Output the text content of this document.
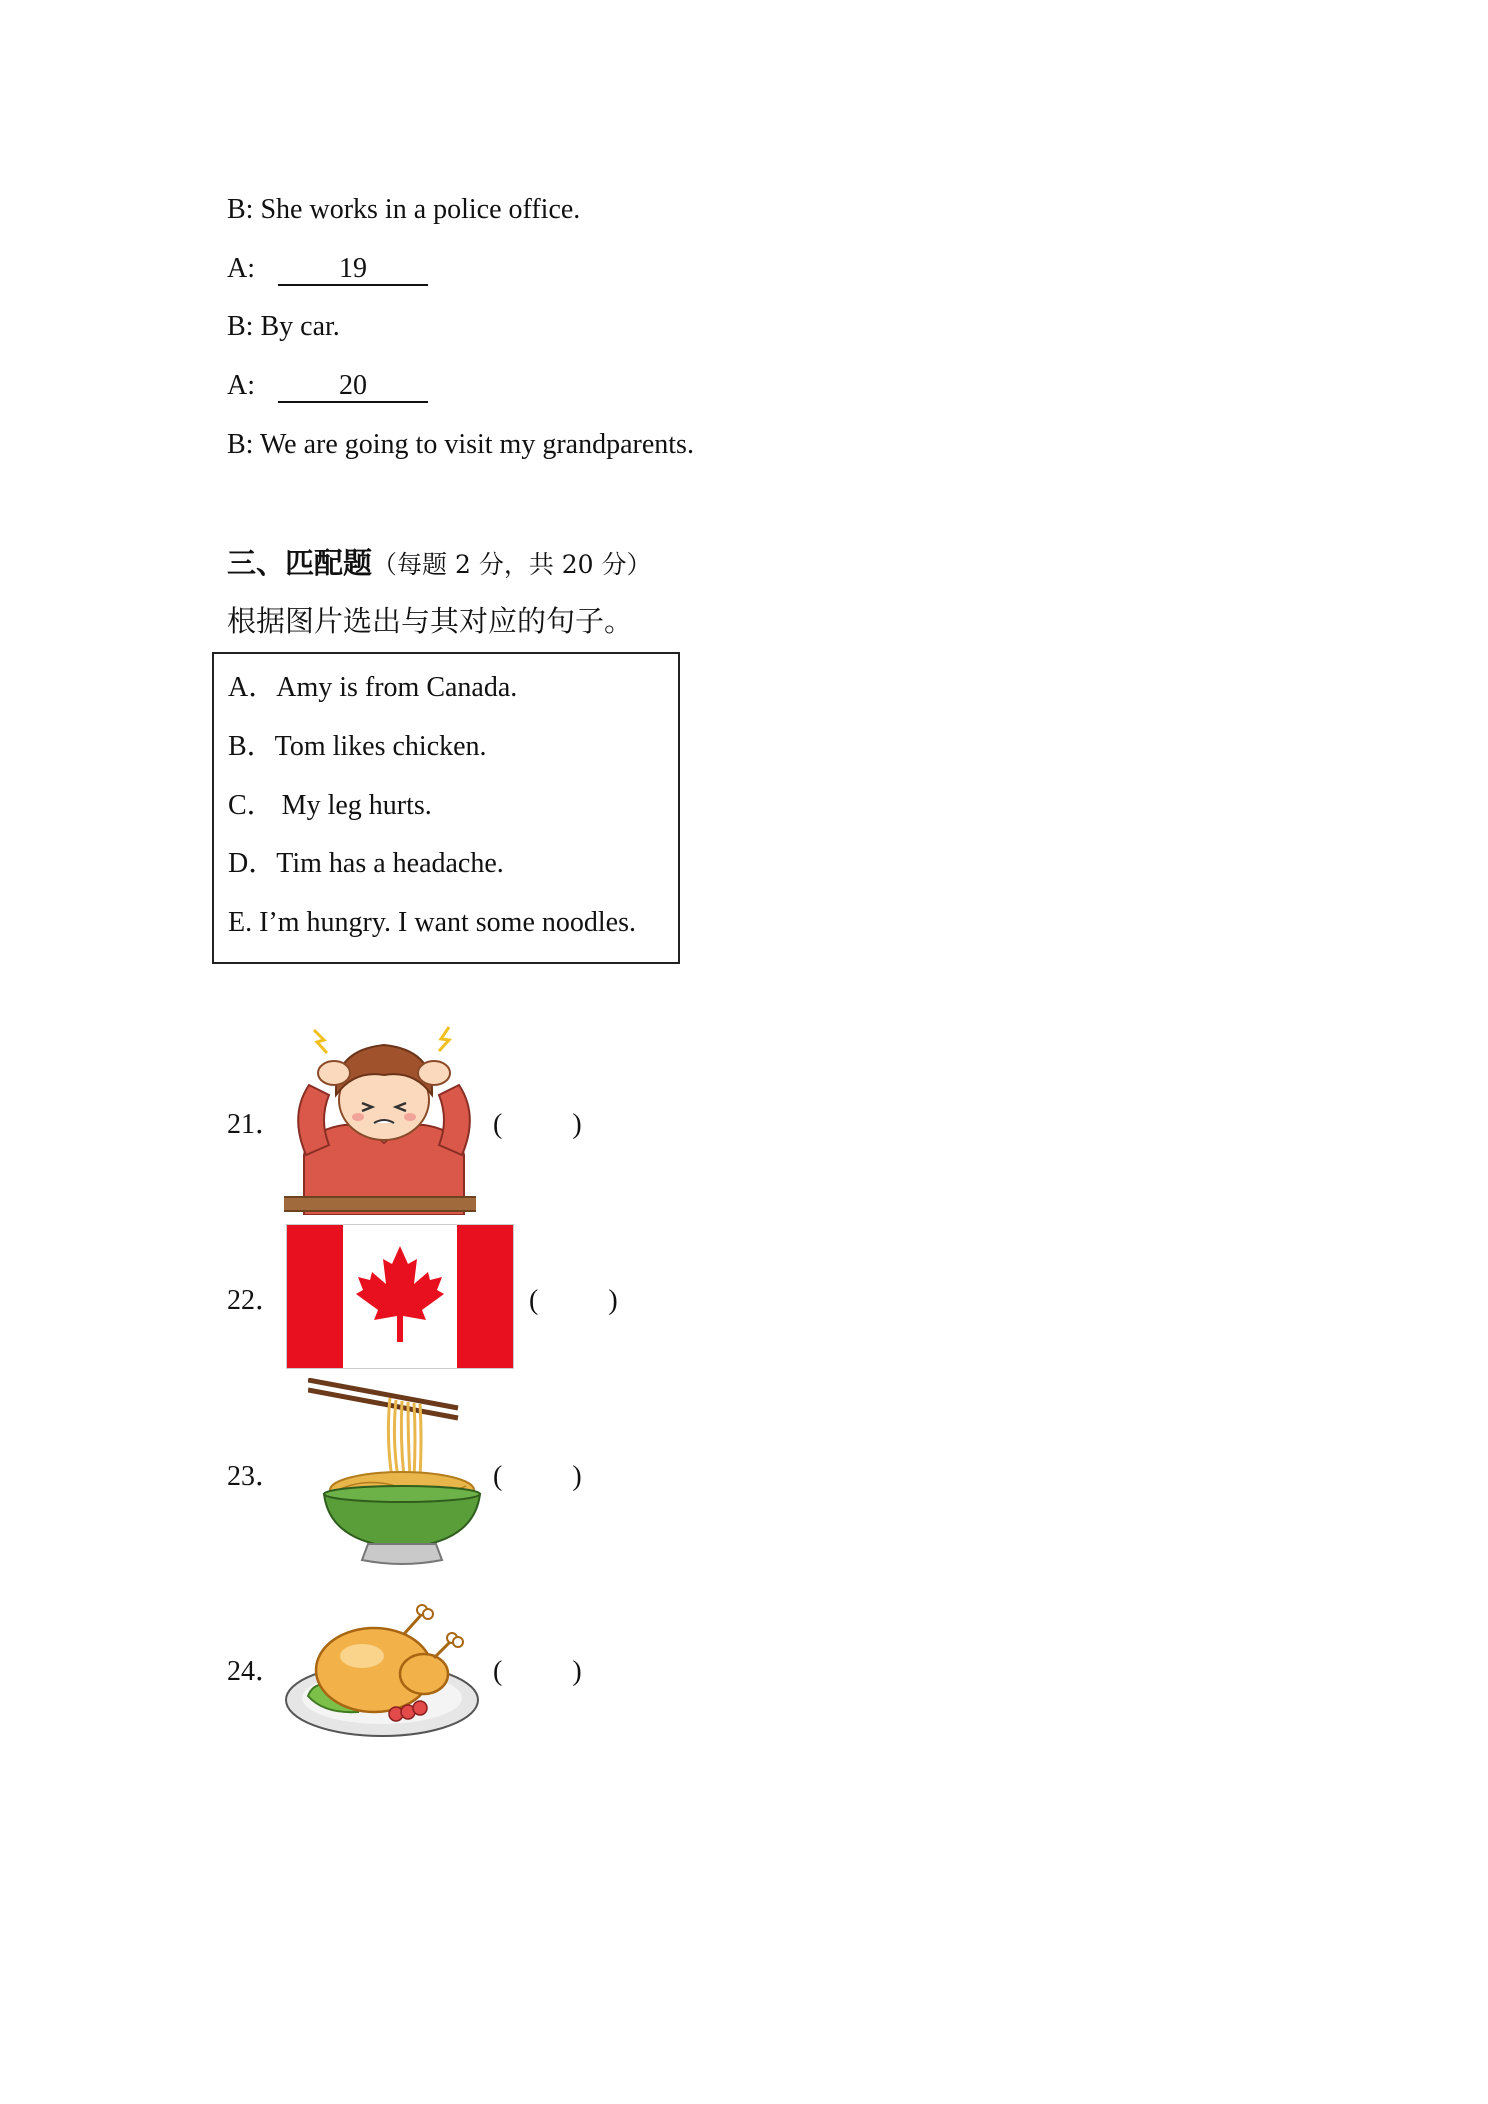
B: She works in a police office.
A:	19
B: By car.
A:	20
B: We are going to visit my grandparents.
三、匹配题（每题 2 分，共 20 分）
根据图片选出与其对应的句子。
A．Amy is from Canada.
B．Tom likes chicken.
C． My leg hurts.
D．Tim has a headache.
E. I’m hungry. I want some noodles.
21．	(          )
22．	(          )
23．	(          )
24．	(          )
